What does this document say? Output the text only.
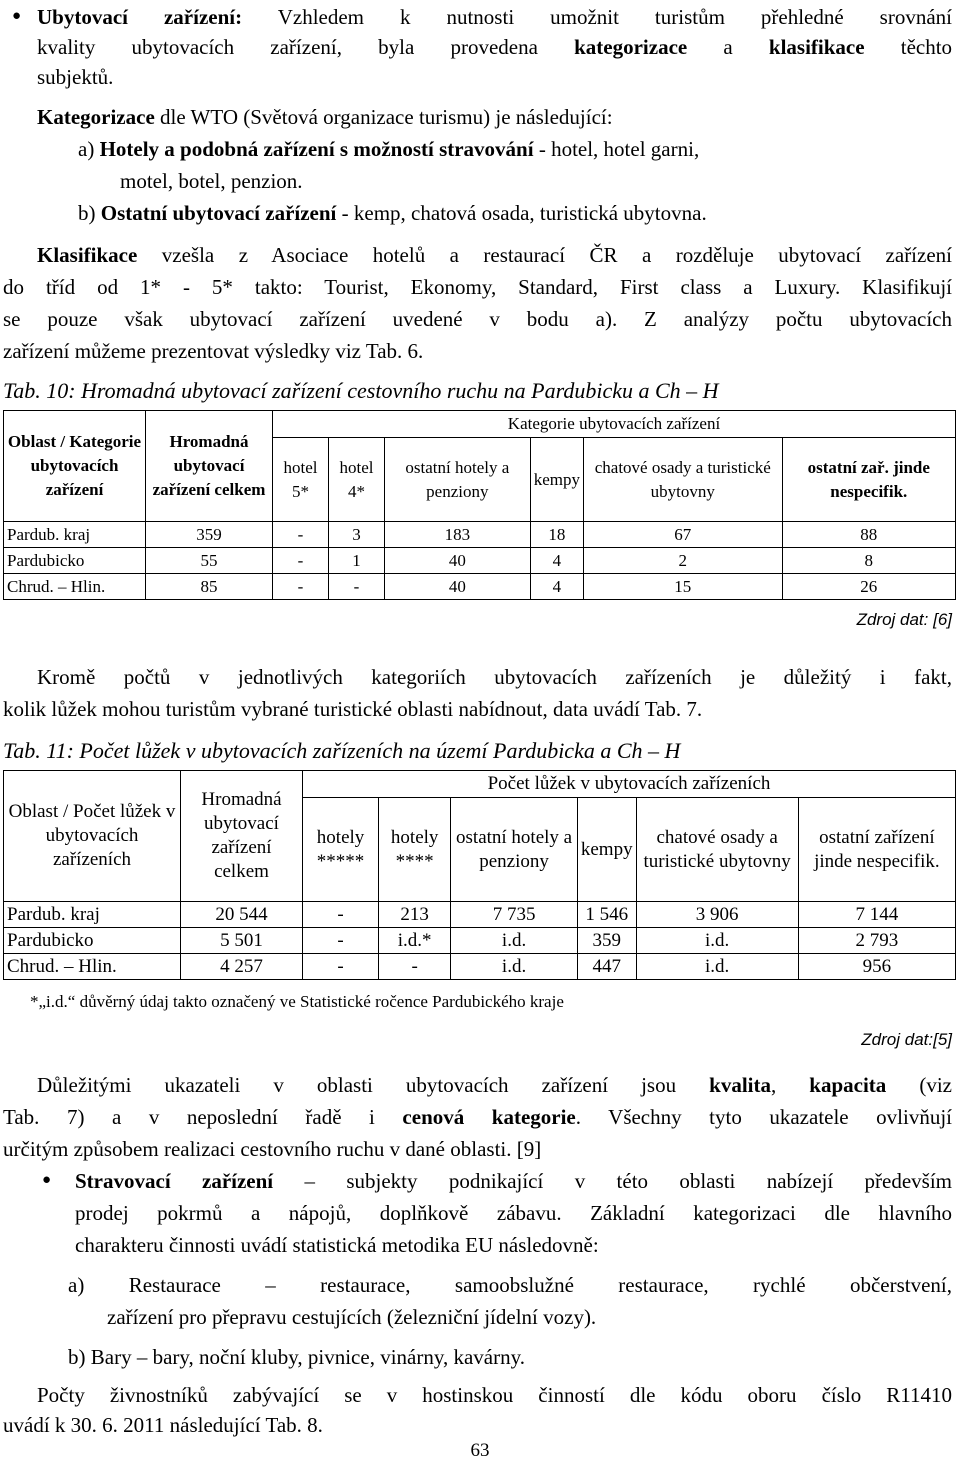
● Ubytovací zařízení: Vzhledem k nutnosti umožnit turistům přehledné srovnání
kvality ubytovacích zařízení, byla provedena kategorizace a klasifikace těchto
subjektů.
Kategorizace dle WTO (Světová organizace turismu) je následující:
a) Hotely a podobná zařízení s možností stravování - hotel, hotel garni,
motel, botel, penzion.
b) Ostatní ubytovací zařízení - kemp, chatová osada, turistická ubytovna.
Klasifikace vzešla z Asociace hotelů a restaurací ČR a rozděluje ubytovací zařízení
do tříd od 1* - 5* takto: Tourist, Ekonomy, Standard, First class a Luxury. Klasifikují
se pouze však ubytovací zařízení uvedené v bodu a). Z analýzy počtu ubytovacích
zařízení můžeme prezentovat výsledky viz Tab. 6.
Tab. 10: Hromadná ubytovací zařízení cestovního ruchu na Pardubicku a Ch – H
Oblast / Kategorie ubytovacích zařízení	Hromadná ubytovací zařízení celkem	Kategorie ubytovacích zařízení					
		hotel 5*	hotel 4*	ostatní hotely a penziony	kempy	chatové osady a turistické ubytovny	ostatní zař. jinde nespecifik.
Pardub. kraj	359	-	3	183	18	67	88
Pardubicko	55	-	1	40	4	2	8
Chrud. – Hlin.	85	-	-	40	4	15	26
Zdroj dat: [6]
Kromě počtů v jednotlivých kategoriích ubytovacích zařízeních je důležitý i fakt,
kolik lůžek mohou turistům vybrané turistické oblasti nabídnout, data uvádí Tab. 7.
Tab. 11: Počet lůžek v ubytovacích zařízeních na území Pardubicka a Ch – H
Oblast / Počet lůžek v ubytovacích zařízeních	Hromadná ubytovací zařízení celkem	Počet lůžek v ubytovacích zařízeních					
		hotely *****	hotely ****	ostatní hotely a penziony	kempy	chatové osady a turistické ubytovny	ostatní zařízení jinde nespecifik.
Pardub. kraj	20 544	-	213	7 735	1 546	3 906	7 144
Pardubicko	5 501	-	i.d.*	i.d.	359	i.d.	2 793
Chrud. – Hlin.	4 257	-	-	i.d.	447	i.d.	956
*„i.d.“ důvěrný údaj takto označený ve Statistické ročence Pardubického kraje
Zdroj dat:[5]
Důležitými ukazateli v oblasti ubytovacích zařízení jsou kvalita, kapacita (viz
Tab. 7) a v neposlední řadě i cenová kategorie. Všechny tyto ukazatele ovlivňují
určitým způsobem realizaci cestovního ruchu v dané oblasti. [9]
● Stravovací zařízení – subjekty podnikající v této oblasti nabízejí především
prodej pokrmů a nápojů, doplňkově zábavu. Základní kategorizaci dle hlavního
charakteru činnosti uvádí statistická metodika EU následovně:
a) Restaurace – restaurace, samoobslužné restaurace, rychlé občerstvení,
zařízení pro přepravu cestujících (železniční jídelní vozy).
b) Bary – bary, noční kluby, pivnice, vinárny, kavárny.
Počty živnostníků zabývající se v hostinskou činností dle kódu oboru číslo R11410
uvádí k 30. 6. 2011 následující Tab. 8.
63
